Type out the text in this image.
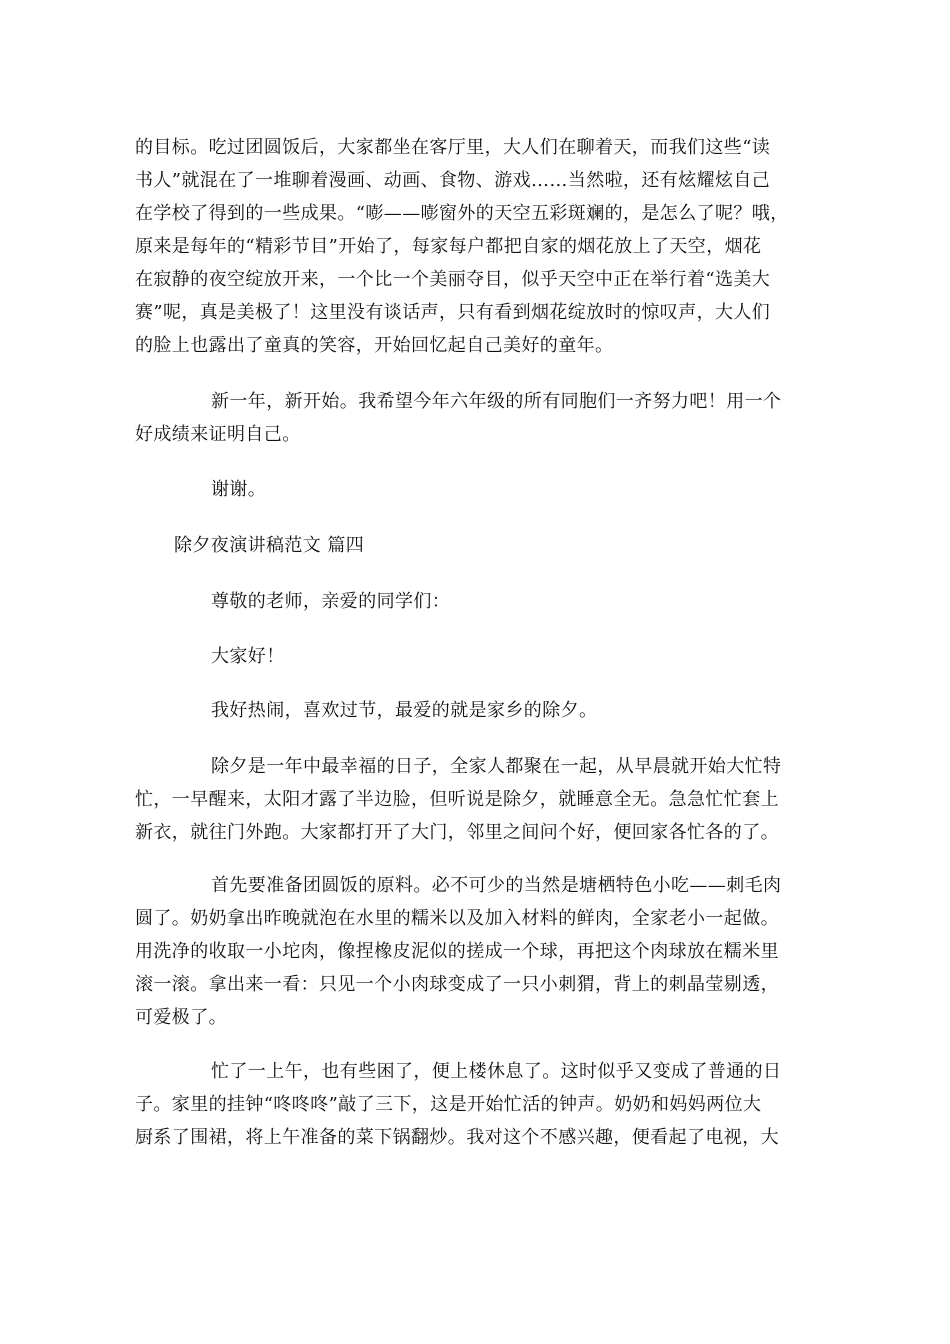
的目标。吃过团圆饭后，大家都坐在客厅里，大人们在聊着天，而我们这些“读
书人”就混在了一堆聊着漫画、动画、食物、游戏……当然啦，还有炫耀炫自己
在学校了得到的一些成果。“嘭——嘭窗外的天空五彩斑斓的，是怎么了呢？哦，
原来是每年的“精彩节目”开始了，每家每户都把自家的烟花放上了天空，烟花
在寂静的夜空绽放开来，一个比一个美丽夺目，似乎天空中正在举行着“选美大
赛”呢，真是美极了！这里没有谈话声，只有看到烟花绽放时的惊叹声，大人们
的脸上也露出了童真的笑容，开始回忆起自己美好的童年。
新一年，新开始。我希望今年六年级的所有同胞们一齐努力吧！用一个
好成绩来证明自己。
谢谢。
除夕夜演讲稿范文 篇四
尊敬的老师，亲爱的同学们：
大家好！
我好热闹，喜欢过节，最爱的就是家乡的除夕。
除夕是一年中最幸福的日子，全家人都聚在一起，从早晨就开始大忙特
忙，一早醒来，太阳才露了半边脸，但听说是除夕，就睡意全无。急急忙忙套上
新衣，就往门外跑。大家都打开了大门，邻里之间问个好，便回家各忙各的了。
首先要准备团圆饭的原料。必不可少的当然是塘栖特色小吃——刺毛肉
圆了。奶奶拿出昨晚就泡在水里的糯米以及加入材料的鲜肉，全家老小一起做。
用洗净的收取一小坨肉，像捏橡皮泥似的搓成一个球，再把这个肉球放在糯米里
滚一滚。拿出来一看：只见一个小肉球变成了一只小刺猬，背上的刺晶莹剔透，
可爱极了。
忙了一上午，也有些困了，便上楼休息了。这时似乎又变成了普通的日
子。家里的挂钟“咚咚咚”敲了三下，这是开始忙活的钟声。奶奶和妈妈两位大
厨系了围裙，将上午准备的菜下锅翻炒。我对这个不感兴趣，便看起了电视，大
